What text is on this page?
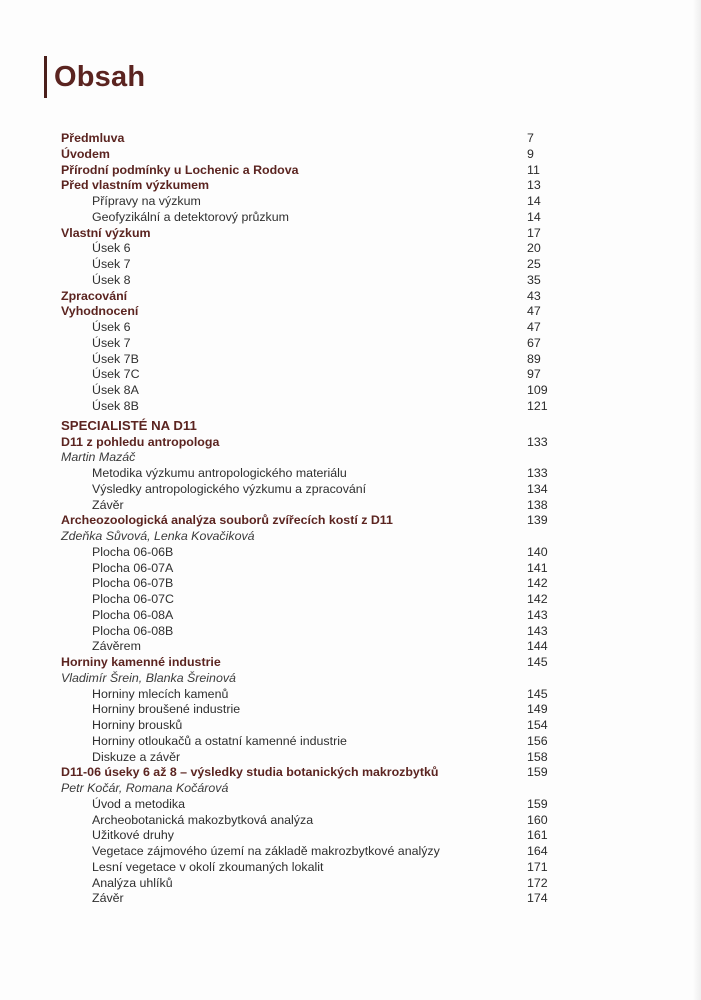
Obsah
Předmluva	7
Úvodem	9
Přírodní podmínky u Lochenic a Rodova	11
Před vlastním výzkumem	13
Přípravy na výzkum	14
Geofyzikální a detektorový průzkum	14
Vlastní výzkum	17
Úsek 6	20
Úsek 7	25
Úsek 8	35
Zpracování	43
Vyhodnocení	47
Úsek 6	47
Úsek 7	67
Úsek 7B	89
Úsek 7C	97
Úsek 8A	109
Úsek 8B	121
SPECIALISTÉ NA D11
D11 z pohledu antropologa	133
Martin Mazáč
Metodika výzkumu antropologického materiálu	133
Výsledky antropologického výzkumu a zpracování	134
Závěr	138
Archeozoologická analýza souborů zvířecích kostí z D11	139
Zdeňka Sůvová, Lenka Kovačiková
Plocha 06-06B	140
Plocha 06-07A	141
Plocha 06-07B	142
Plocha 06-07C	142
Plocha 06-08A	143
Plocha 06-08B	143
Závěrem	144
Horniny kamenné industrie	145
Vladimír Šrein, Blanka Šreinová
Horniny mlecích kamenů	145
Horniny broušené industrie	149
Horniny brousků	154
Horniny otloukačů a ostatní kamenné industrie	156
Diskuze a závěr	158
D11-06 úseky 6 až 8 – výsledky studia botanických makrozbytků	159
Petr Kočár, Romana Kočárová
Úvod a metodika	159
Archeobotanická makozbytková analýza	160
Užitkové druhy	161
Vegetace zájmového území na základě makrozbytkové analýzy	164
Lesní vegetace v okolí zkoumaných lokalit	171
Analýza uhlíků	172
Závěr	174
